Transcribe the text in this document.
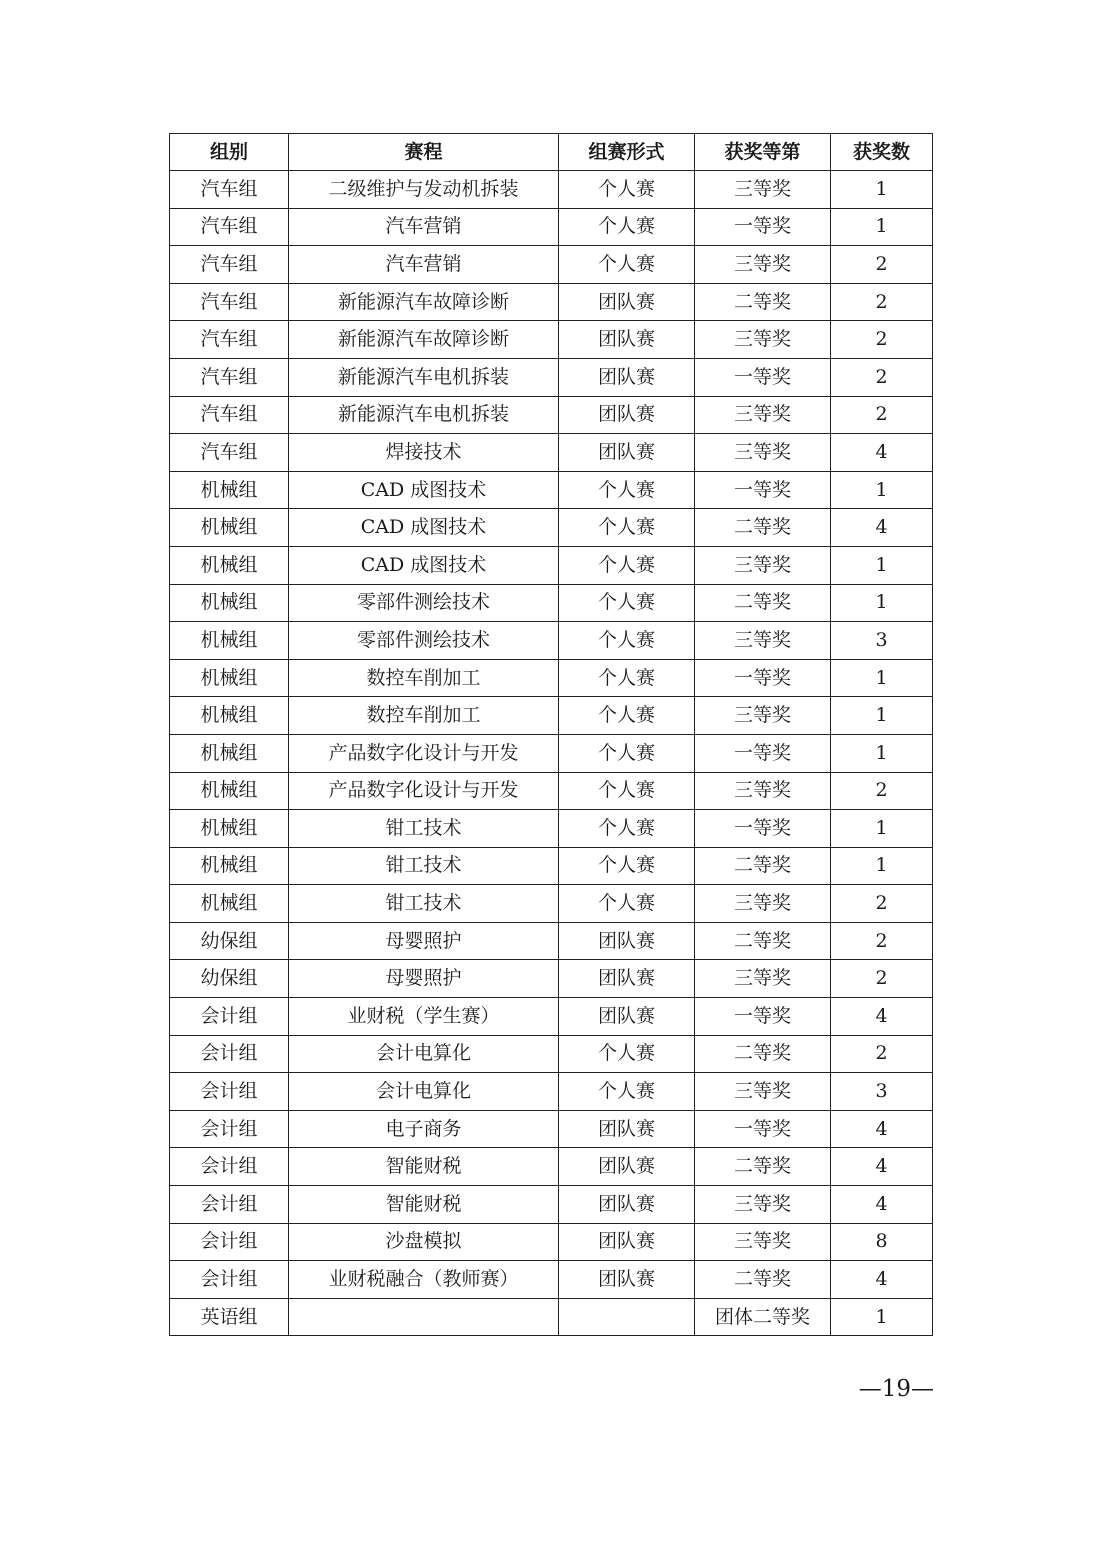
组别	赛程	组赛形式	获奖等第	获奖数
汽车组	二级维护与发动机拆装	个人赛	三等奖	1
汽车组	汽车营销	个人赛	一等奖	1
汽车组	汽车营销	个人赛	三等奖	2
汽车组	新能源汽车故障诊断	团队赛	二等奖	2
汽车组	新能源汽车故障诊断	团队赛	三等奖	2
汽车组	新能源汽车电机拆装	团队赛	一等奖	2
汽车组	新能源汽车电机拆装	团队赛	三等奖	2
汽车组	焊接技术	团队赛	三等奖	4
机械组	CAD 成图技术	个人赛	一等奖	1
机械组	CAD 成图技术	个人赛	二等奖	4
机械组	CAD 成图技术	个人赛	三等奖	1
机械组	零部件测绘技术	个人赛	二等奖	1
机械组	零部件测绘技术	个人赛	三等奖	3
机械组	数控车削加工	个人赛	一等奖	1
机械组	数控车削加工	个人赛	三等奖	1
机械组	产品数字化设计与开发	个人赛	一等奖	1
机械组	产品数字化设计与开发	个人赛	三等奖	2
机械组	钳工技术	个人赛	一等奖	1
机械组	钳工技术	个人赛	二等奖	1
机械组	钳工技术	个人赛	三等奖	2
幼保组	母婴照护	团队赛	二等奖	2
幼保组	母婴照护	团队赛	三等奖	2
会计组	业财税（学生赛）	团队赛	一等奖	4
会计组	会计电算化	个人赛	二等奖	2
会计组	会计电算化	个人赛	三等奖	3
会计组	电子商务	团队赛	一等奖	4
会计组	智能财税	团队赛	二等奖	4
会计组	智能财税	团队赛	三等奖	4
会计组	沙盘模拟	团队赛	三等奖	8
会计组	业财税融合（教师赛）	团队赛	二等奖	4
英语组			团体二等奖	1
—19—
